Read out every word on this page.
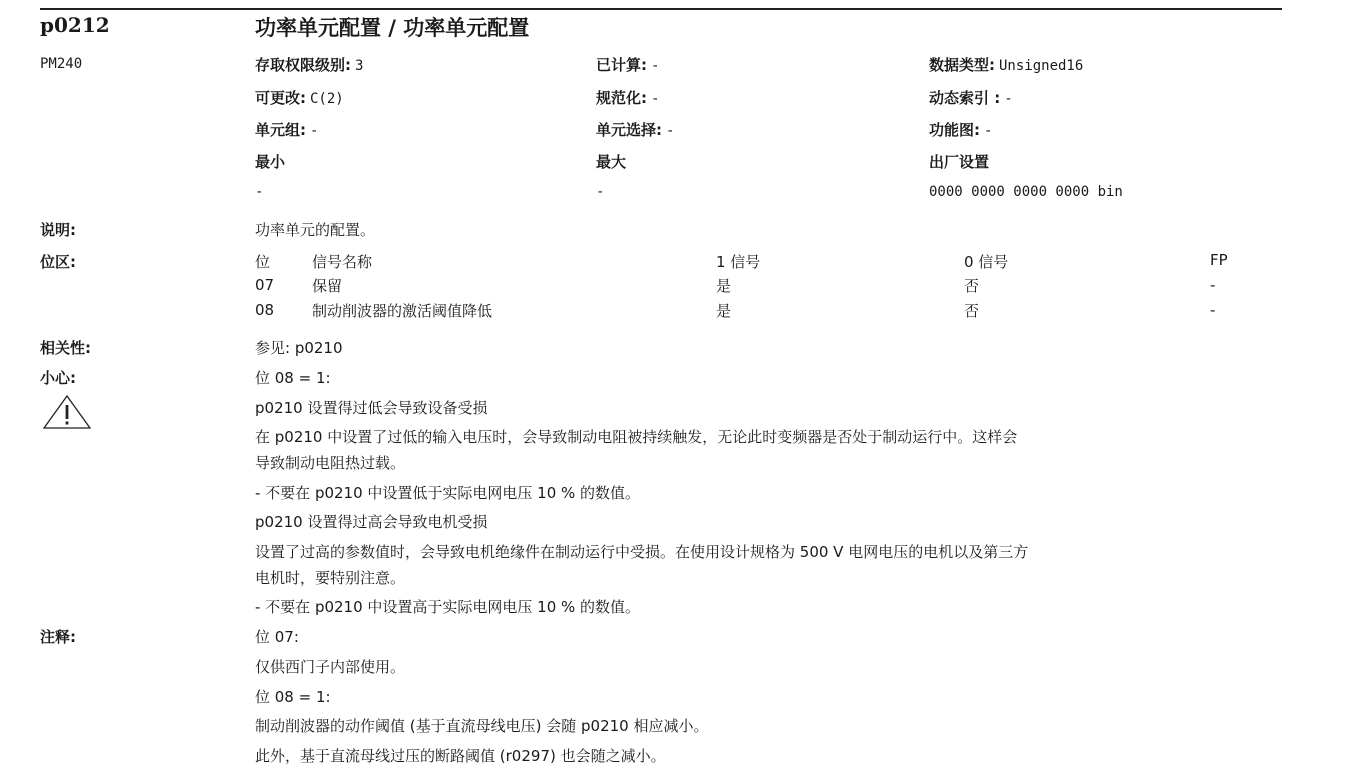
p0212	功率单元配置 / 功率单元配置
PM240	存取权限级别: 3	已计算: -	数据类型: Unsigned16
可更改: C(2)	规范化: -	动态索引 : -
单元组: -	单元选择: -	功能图: -
最小	最大	出厂设置
-	-	0000 0000 0000 0000 bin
说明:	功率单元的配置。
位区:	位	信号名称	1 信号	0 信号	FP
07	保留	是	否	-
08	制动削波器的激活阈值降低	是	否	-
相关性:	参见: p0210
小心:	位 08 = 1:
p0210 设置得过低会导致设备受损
在 p0210 中设置了过低的输入电压时，会导致制动电阻被持续触发，无论此时变频器是否处于制动运行中。这样会
导致制动电阻热过载。
- 不要在 p0210 中设置低于实际电网电压 10 % 的数值。
p0210 设置得过高会导致电机受损
设置了过高的参数值时，会导致电机绝缘件在制动运行中受损。在使用设计规格为 500 V 电网电压的电机以及第三方
电机时，要特别注意。
- 不要在 p0210 中设置高于实际电网电压 10 % 的数值。
注释:	位 07:
仅供西门子内部使用。
位 08 = 1:
制动削波器的动作阈值 (基于直流母线电压) 会随 p0210 相应减小。
此外，基于直流母线过压的断路阈值 (r0297) 也会随之减小。
